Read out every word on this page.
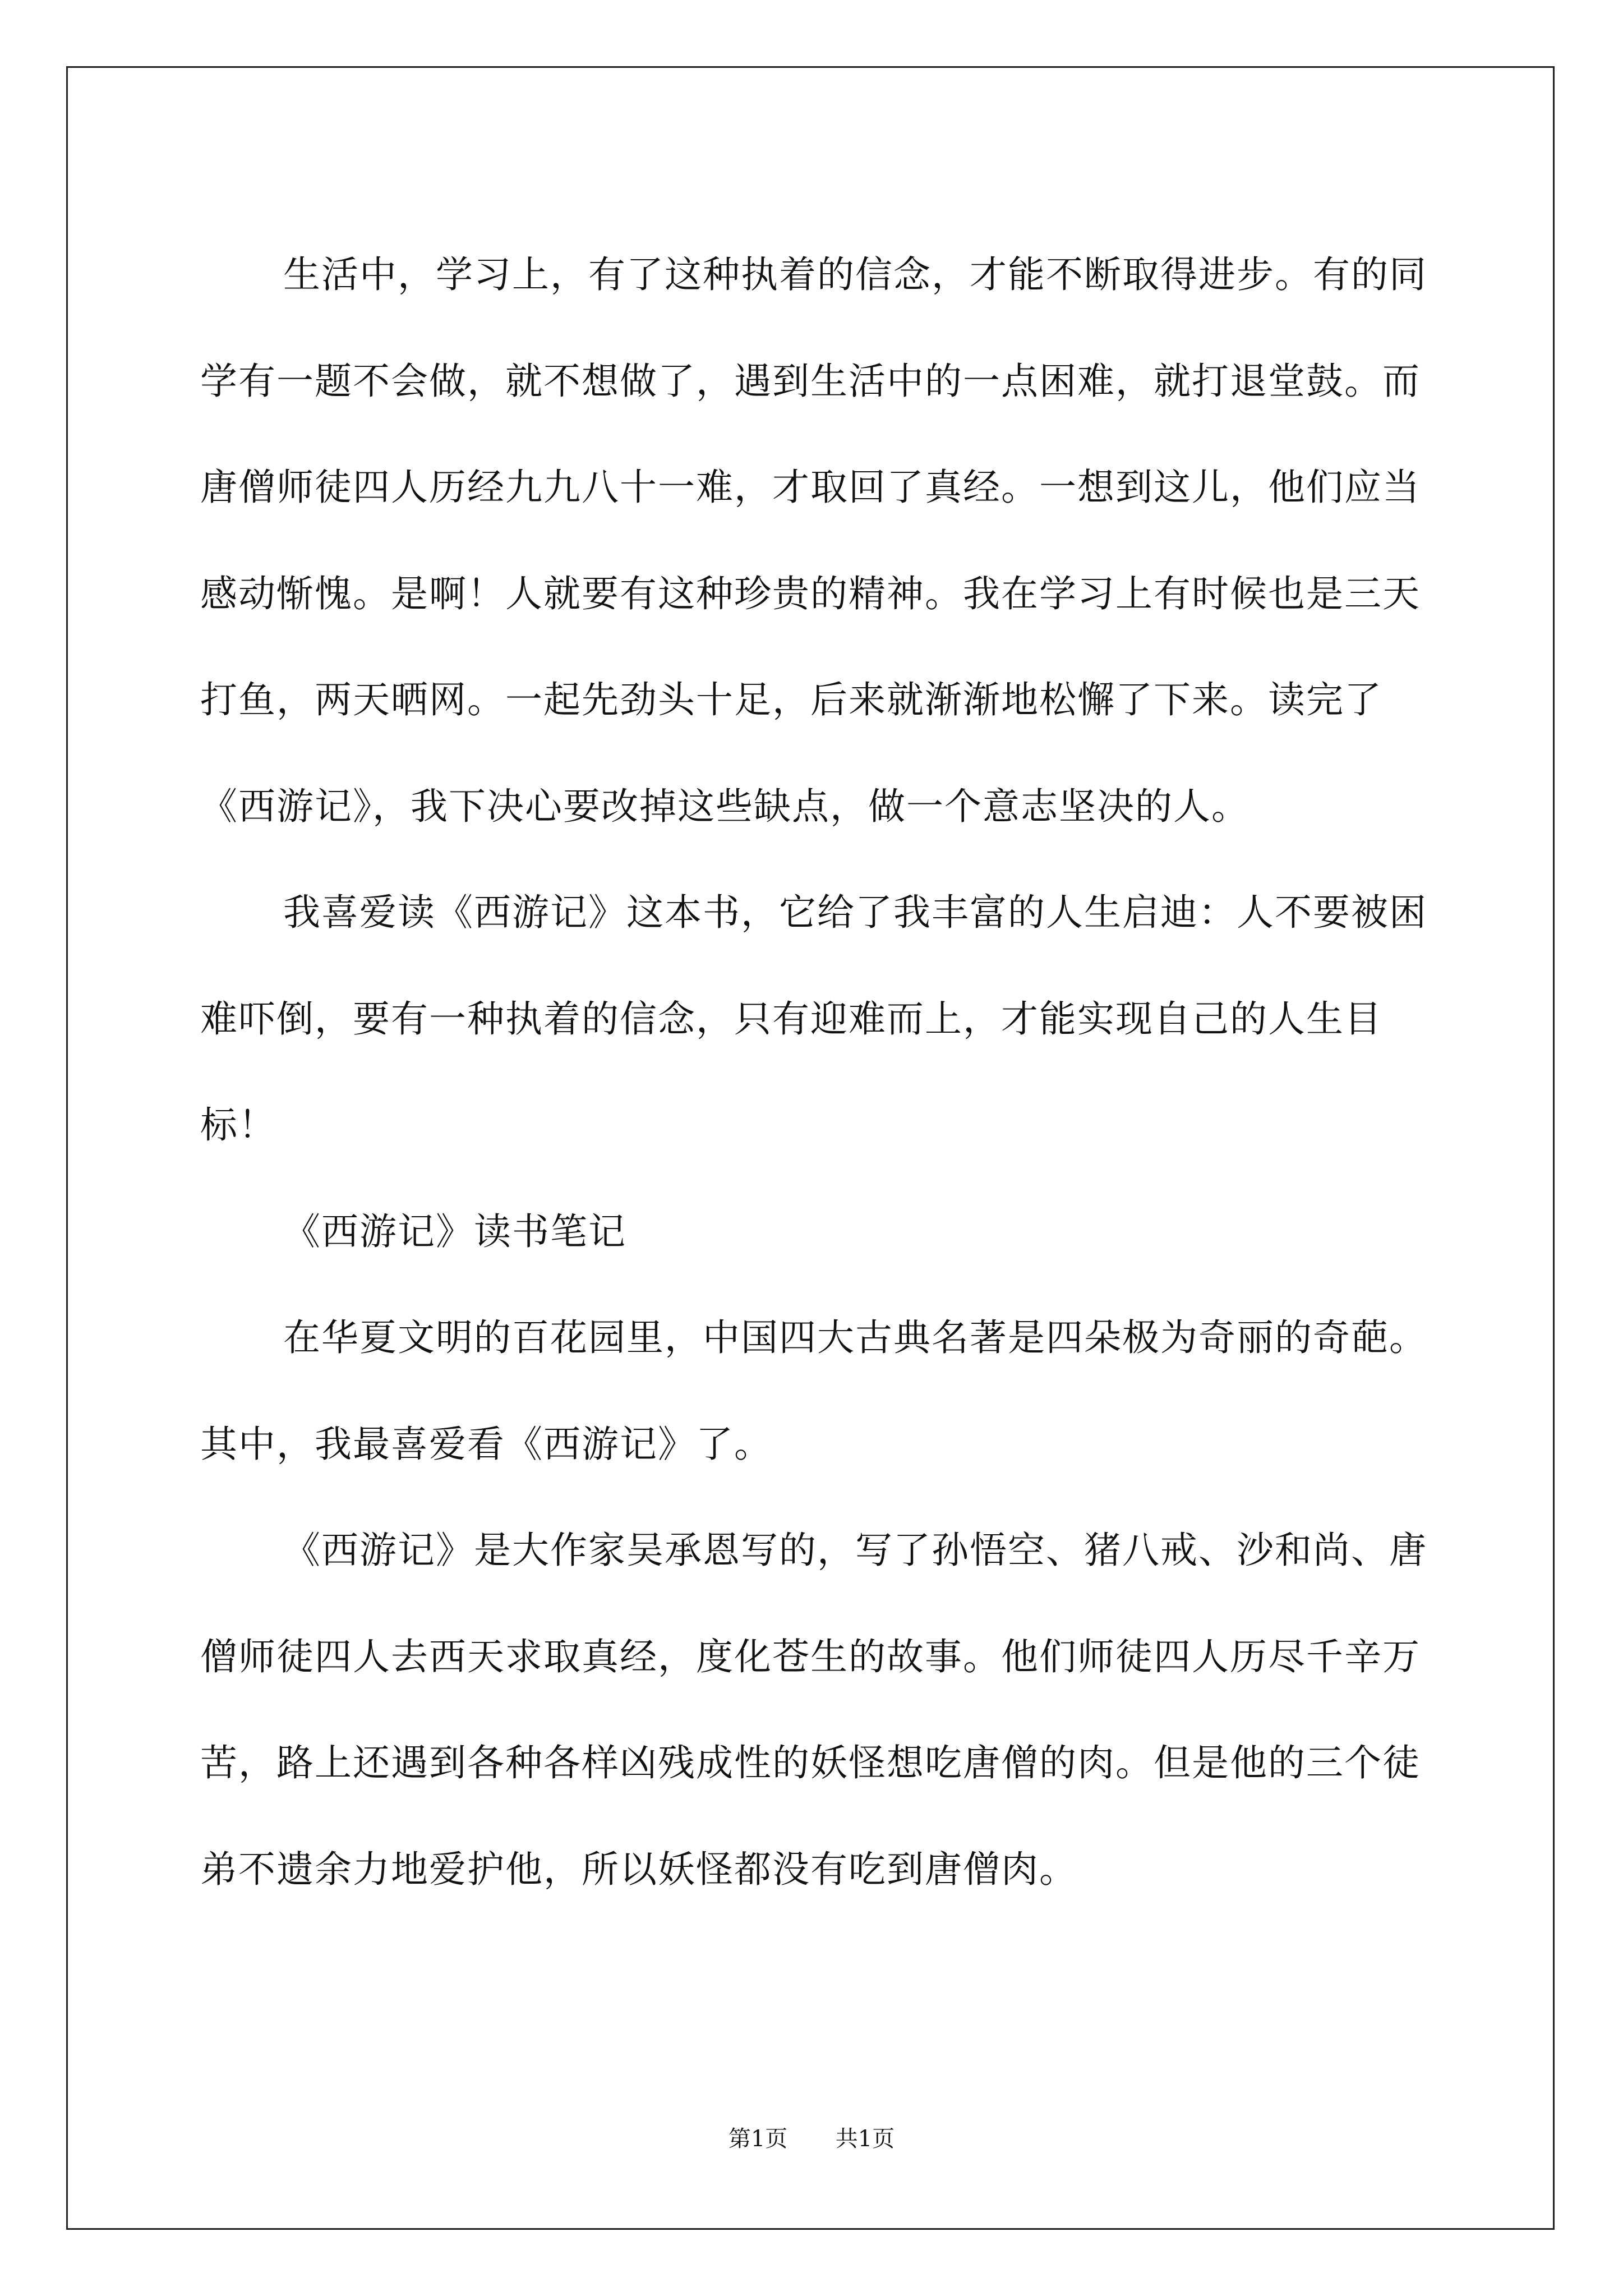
生活中，学习上，有了这种执着的信念，才能不断取得进步。有的同学有一题不会做，就不想做了，遇到生活中的一点困难，就打退堂鼓。而唐僧师徒四人历经九九八十一难，才取回了真经。一想到这儿，他们应当感动惭愧。是啊！人就要有这种珍贵的精神。我在学习上有时候也是三天打鱼，两天晒网。一起先劲头十足，后来就渐渐地松懈了下来。读完了《西游记》，我下决心要改掉这些缺点，做一个意志坚决的人。

我喜爱读《西游记》这本书，它给了我丰富的人生启迪：人不要被困难吓倒，要有一种执着的信念，只有迎难而上，才能实现自己的人生目标！

《西游记》读书笔记

在华夏文明的百花园里，中国四大古典名著是四朵极为奇丽的奇葩。其中，我最喜爱看《西游记》了。

《西游记》是大作家吴承恩写的，写了孙悟空、猪八戒、沙和尚、唐僧师徒四人去西天求取真经，度化苍生的故事。他们师徒四人历尽千辛万苦，路上还遇到各种各样凶残成性的妖怪想吃唐僧的肉。但是他的三个徒弟不遗余力地爱护他，所以妖怪都没有吃到唐僧肉。

第1页 共1页
